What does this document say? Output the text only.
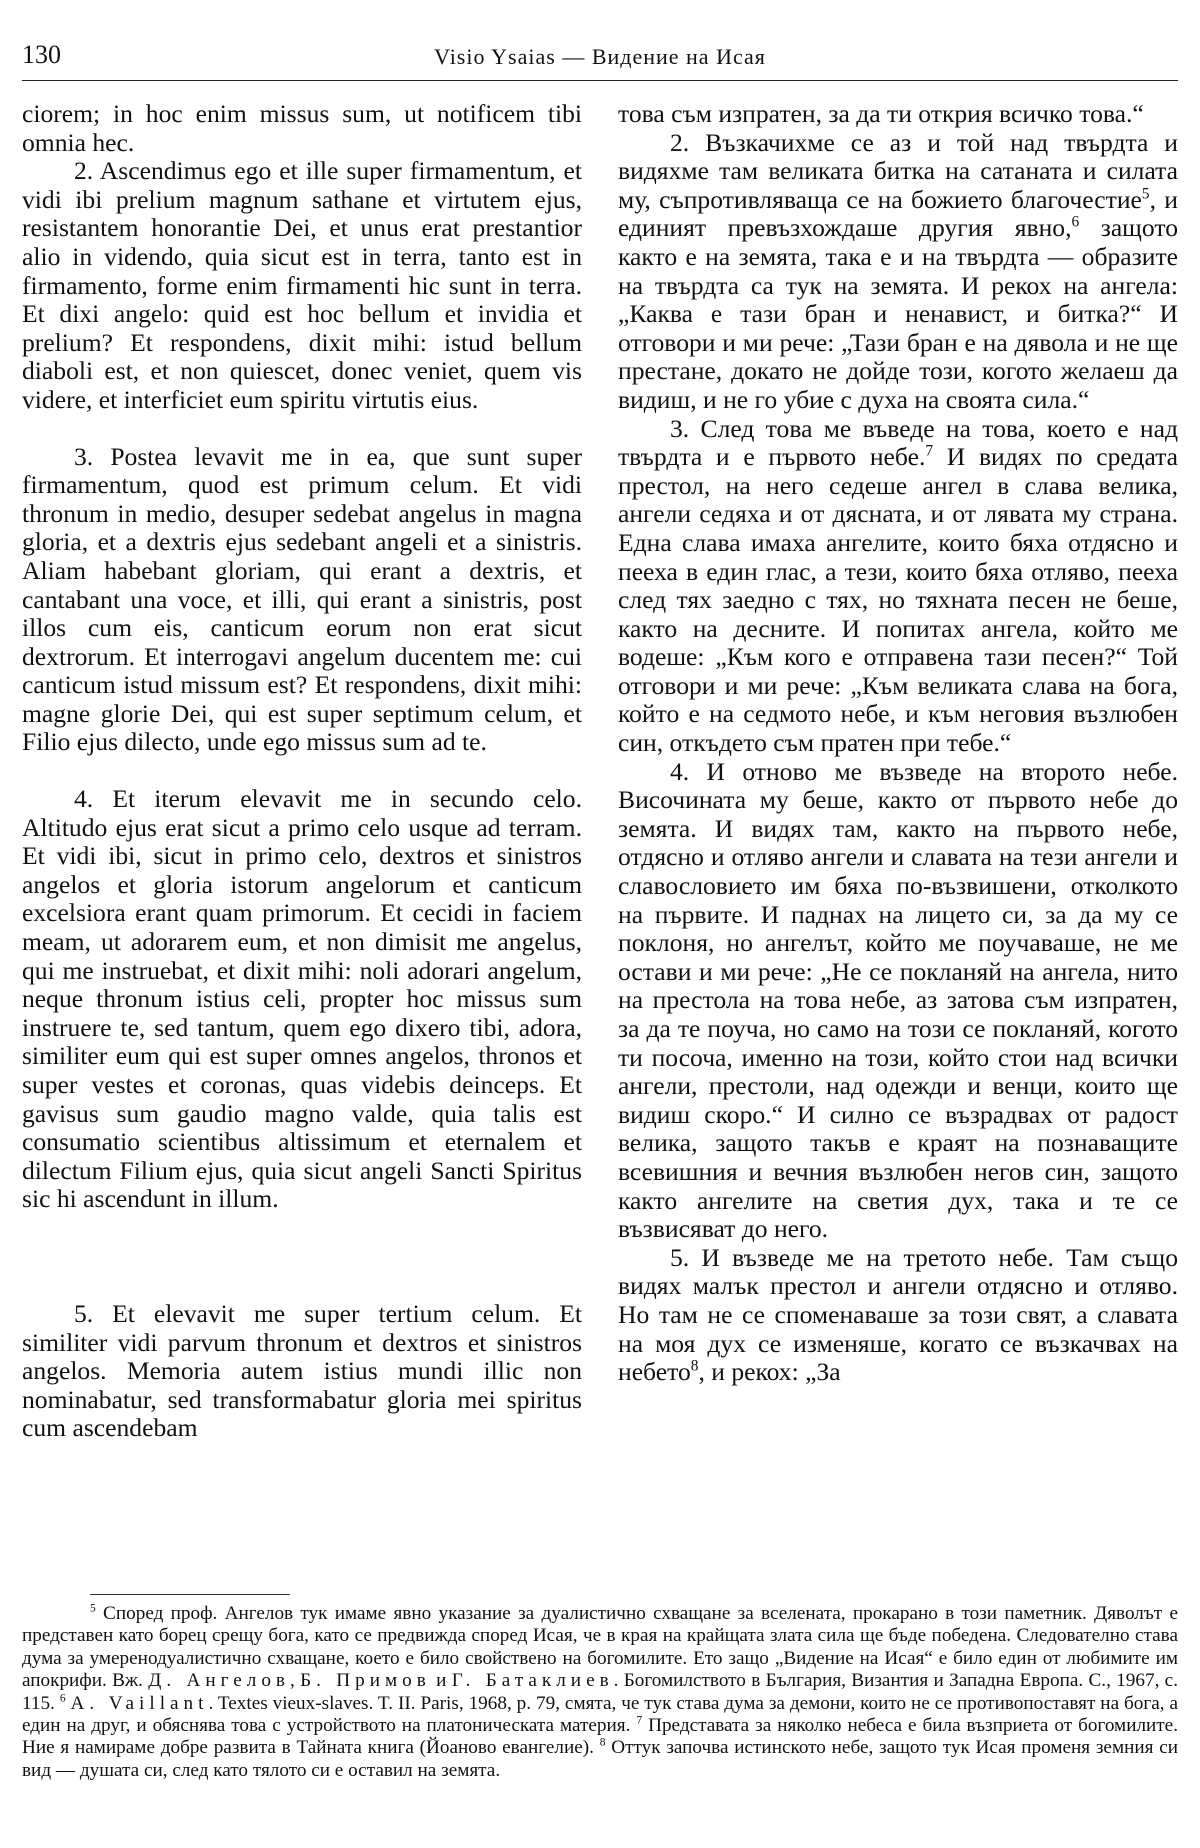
130	Visio Ysaias — Видение на Исая

ciorem; in hoc enim missus sum, ut notificem tibi omnia hec.

2. Ascendimus ego et ille super firmamentum, et vidi ibi prelium magnum sathane et virtutem ejus, resistantem honorantie Dei, et unus erat prestantior alio in videndo, quia sicut est in terra, tanto est in firmamento, forme enim firmamenti hic sunt in terra. Et dixi angelo: quid est hoc bellum et invidia et prelium? Et respondens, dixit mihi: istud bellum diaboli est, et non quiescet, donec veniet, quem vis videre, et interficiet eum spiritu virtutis eius.

3. Postea levavit me in ea, que sunt super firmamentum, quod est primum celum. Et vidi thronum in medio, desuper sedebat angelus in magna gloria, et a dextris ejus sedebant angeli et a sinistris. Aliam habebant gloriam, qui erant a dextris, et cantabant una voce, et illi, qui erant a sinistris, post illos cum eis, canticum eorum non erat sicut dextrorum. Et interrogavi angelum ducentem me: cui canticum istud missum est? Et respondens, dixit mihi: magne glorie Dei, qui est super septimum celum, et Filio ejus dilecto, unde ego missus sum ad te.

4. Et iterum elevavit me in secundo celo. Altitudo ejus erat sicut a primo celo usque ad terram. Et vidi ibi, sicut in primo celo, dextros et sinistros angelos et gloria istorum angelorum et canticum excelsiora erant quam primorum. Et cecidi in faciem meam, ut adorarem eum, et non dimisit me angelus, qui me instruebat, et dixit mihi: noli adorari angelum, neque thronum istius celi, propter hoc missus sum instruere te, sed tantum, quem ego dixero tibi, adora, similiter eum qui est super omnes angelos, thronos et super vestes et coronas, quas videbis deinceps. Et gavisus sum gaudio magno valde, quia talis est consumatio scientibus altissimum et eternalem et dilectum Filium ejus, quia sicut angeli Sancti Spiritus sic hi ascendunt in illum.

5. Et elevavit me super tertium celum. Et similiter vidi parvum thronum et dextros et sinistros angelos. Memoria autem istius mundi illic non nominabatur, sed transformabatur gloria mei spiritus cum ascendebam

това съм изпратен, за да ти открия всичко това.“

2. Възкачихме се аз и той над твърдта и видяхме там великата битка на сатаната и силата му, съпротивляваща се на божието благочестие$^5$, и единият превъзхождаше другия явно,$^6$ защото както е на земята, така е и на твърдта — образите на твърдта са тук на земята. И рекох на ангела: „Каква е тази бран и ненавист, и битка?“ И отговори и ми рече: „Тази бран е на дявола и не ще престане, докато не дойде този, когото желаеш да видиш, и не го убие с духа на своята сила.“

3. След това ме въведе на това, което е над твърдта и е първото небе.$^7$ И видях по средата престол, на него седеше ангел в слава велика, ангели седяха и от дясната, и от лявата му страна. Една слава имаха ангелите, които бяха отдясно и пееха в един глас, а тези, които бяха отляво, пееха след тях заедно с тях, но тяхната песен не беше, както на десните. И попитах ангела, който ме водеше: „Към кого е отправена тази песен?“ Той отговори и ми рече: „Към великата слава на бога, който е на седмото небе, и към неговия възлюбен син, откъдето съм пратен при тебе.“

4. И отново ме възведе на второто небе. Височината му беше, както от първото небе до земята. И видях там, както на първото небе, отдясно и отляво ангели и славата на тези ангели и славословието им бяха по-възвишени, отколкото на първите. И паднах на лицето си, за да му се поклоня, но ангелът, който ме поучаваше, не ме остави и ми рече: „Не се покланяй на ангела, нито на престола на това небе, аз затова съм изпратен, за да те поуча, но само на този се покланяй, когото ти посоча, именно на този, който стои над всички ангели, престоли, над одежди и венци, които ще видиш скоро.“ И силно се възрадвах от радост велика, защото такъв е краят на познаващите всевишния и вечния възлюбен негов син, защото както ангелите на светия дух, така и те се възвисяват до него.

5. И възведе ме на третото небе. Там също видях малък престол и ангели отдясно и отляво. Но там не се споменаваше за този свят, а славата на моя дух се изменяше, когато се възкачвах на небето$^8$, и рекох: „За

$^5$ Според проф. Ангелов тук имаме явно указание за дуалистично схващане за вселената, прокарано в този паметник. Дяволът е представен като борец срещу бога, като се предвижда според Исая, че в края на крайщата злата сила ще бъде победена. Следователно става дума за умеренодуалистично схващане, което е било свойствено на богомилите. Ето защо „Видение на Исая“ е било един от любимите им апокрифи. Вж. Д. Ангелов, Б. Примов и Г. Батаклиев. Богомилството в България, Византия и Западна Европа. С., 1967, с. 115. $^6$ A. Vaillant. Textes vieux-slaves. T. II. Paris, 1968, p. 79, смята, че тук става дума за демони, които не се противопоставят на бога, а един на друг, и обяснява това с устройството на платоническата материя. $^7$ Представата за няколко небеса е била възприета от богомилите. Ние я намираме добре развита в Тайната книга (Йоаново евангелие). $^8$ Оттук започва истинското небе, защото тук Исая променя земния си вид — душата си, след като тялото си е оставил на земята.
